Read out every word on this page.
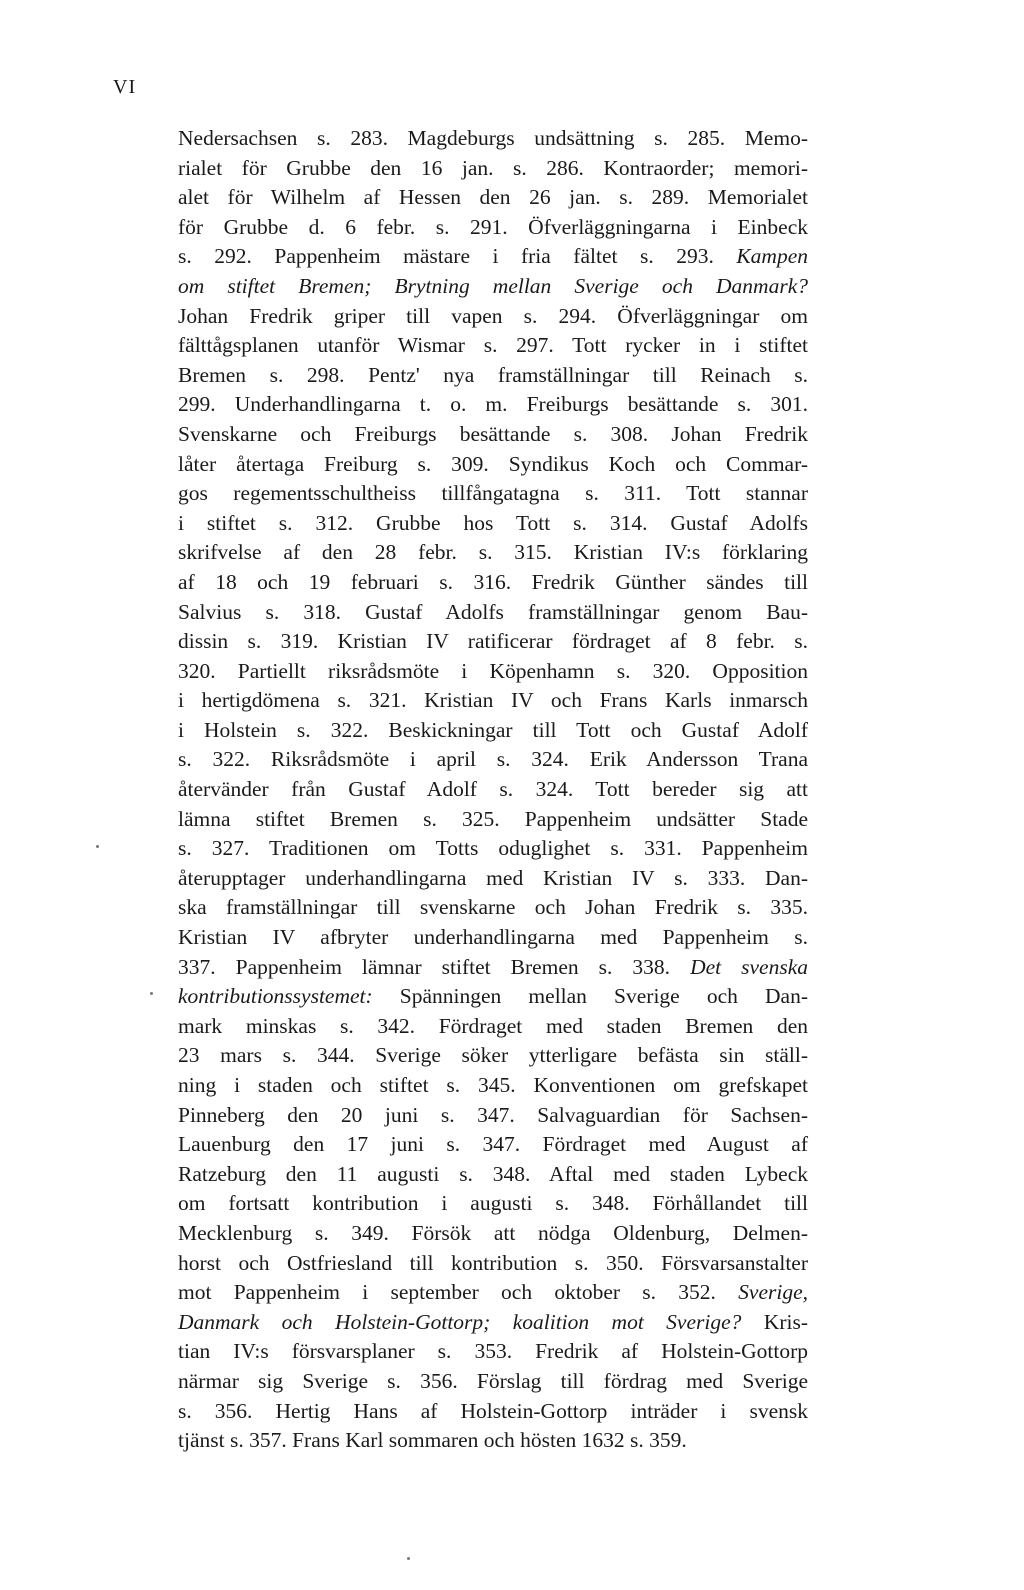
VI
Nedersachsen s. 283. Magdeburgs undsättning s. 285. Memo-
rialet för Grubbe den 16 jan. s. 286. Kontraorder; memori-
alet för Wilhelm af Hessen den 26 jan. s. 289. Memorialet
för Grubbe d. 6 febr. s. 291. Öfverläggningarna i Einbeck
s. 292. Pappenheim mästare i fria fältet s. 293. Kampen
om stiftet Bremen; Brytning mellan Sverige och Danmark?
Johan Fredrik griper till vapen s. 294. Öfverläggningar om
fälttågsplanen utanför Wismar s. 297. Tott rycker in i stiftet
Bremen s. 298. Pentz' nya framställningar till Reinach s.
299. Underhandlingarna t. o. m. Freiburgs besättande s. 301.
Svenskarne och Freiburgs besättande s. 308. Johan Fredrik
låter återtaga Freiburg s. 309. Syndikus Koch och Commar-
gos regementsschultheiss tillfångatagna s. 311. Tott stannar
i stiftet s. 312. Grubbe hos Tott s. 314. Gustaf Adolfs
skrifvelse af den 28 febr. s. 315. Kristian IV:s förklaring
af 18 och 19 februari s. 316. Fredrik Günther sändes till
Salvius s. 318. Gustaf Adolfs framställningar genom Bau-
dissin s. 319. Kristian IV ratificerar fördraget af 8 febr. s.
320. Partiellt riksrådsmöte i Köpenhamn s. 320. Opposition
i hertigdömena s. 321. Kristian IV och Frans Karls inmarsch
i Holstein s. 322. Beskickningar till Tott och Gustaf Adolf
s. 322. Riksrådsmöte i april s. 324. Erik Andersson Trana
återvänder från Gustaf Adolf s. 324. Tott bereder sig att
lämna stiftet Bremen s. 325. Pappenheim undsätter Stade
s. 327. Traditionen om Totts oduglighet s. 331. Pappenheim
återupptager underhandlingarna med Kristian IV s. 333. Dan-
ska framställningar till svenskarne och Johan Fredrik s. 335.
Kristian IV afbryter underhandlingarna med Pappenheim s.
337. Pappenheim lämnar stiftet Bremen s. 338. Det svenska
kontributionssystemet: Spänningen mellan Sverige och Dan-
mark minskas s. 342. Fördraget med staden Bremen den
23 mars s. 344. Sverige söker ytterligare befästa sin ställ-
ning i staden och stiftet s. 345. Konventionen om grefskapet
Pinneberg den 20 juni s. 347. Salvaguardian för Sachsen-
Lauenburg den 17 juni s. 347. Fördraget med August af
Ratzeburg den 11 augusti s. 348. Aftal med staden Lybeck
om fortsatt kontribution i augusti s. 348. Förhållandet till
Mecklenburg s. 349. Försök att nödga Oldenburg, Delmen-
horst och Ostfriesland till kontribution s. 350. Försvarsanstalter
mot Pappenheim i september och oktober s. 352. Sverige,
Danmark och Holstein-Gottorp; koalition mot Sverige? Kris-
tian IV:s försvarsplaner s. 353. Fredrik af Holstein-Gottorp
närmar sig Sverige s. 356. Förslag till fördrag med Sverige
s. 356. Hertig Hans af Holstein-Gottorp inträder i svensk
tjänst s. 357. Frans Karl sommaren och hösten 1632 s. 359.
